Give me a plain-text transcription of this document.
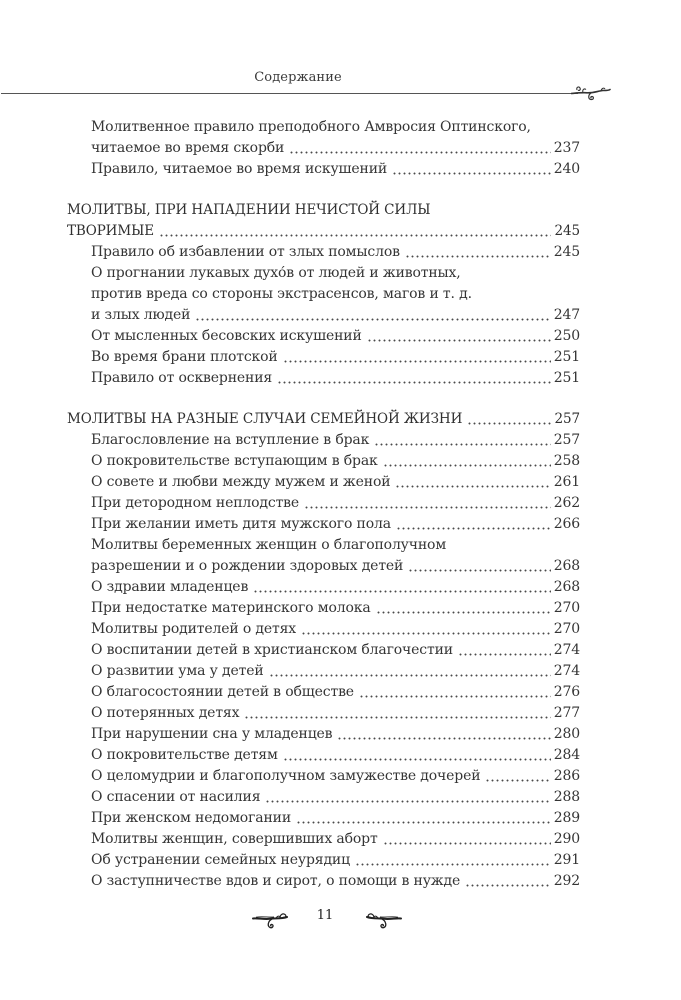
Содержание
Молитвенное правило преподобного Амвросия Оптинского,
читаемое во время скорби	237
Правило, читаемое во время искушений	240
МОЛИТВЫ, ПРИ НАПАДЕНИИ НЕЧИСТОЙ СИЛЫ
ТВОРИМЫЕ	245
Правило об избавлении от злых помыслов	245
О прогнании лукавых духо́в от людей и животных,
против вреда со стороны экстрасенсов, магов и т. д.
и злых людей	247
От мысленных бесовских искушений	250
Во время брани плотской	251
Правило от осквернения	251
МОЛИТВЫ НА РАЗНЫЕ СЛУЧАИ СЕМЕЙНОЙ ЖИЗНИ	257
Благословление на вступление в брак	257
О покровительстве вступающим в брак	258
О совете и любви между мужем и женой	261
При детородном неплодстве	262
При желании иметь дитя мужского пола	266
Молитвы беременных женщин о благополучном
разрешении и о рождении здоровых детей	268
О здравии младенцев	268
При недостатке материнского молока	270
Молитвы родителей о детях	270
О воспитании детей в христианском благочестии	274
О развитии ума у детей	274
О благосостоянии детей в обществе	276
О потерянных детях	277
При нарушении сна у младенцев	280
О покровительстве детям	284
О целомудрии и благополучном замужестве дочерей	286
О спасении от насилия	288
При женском недомогании	289
Молитвы женщин, совершивших аборт	290
Об устранении семейных неурядиц	291
О заступничестве вдов и сирот, о помощи в нужде	292
11
